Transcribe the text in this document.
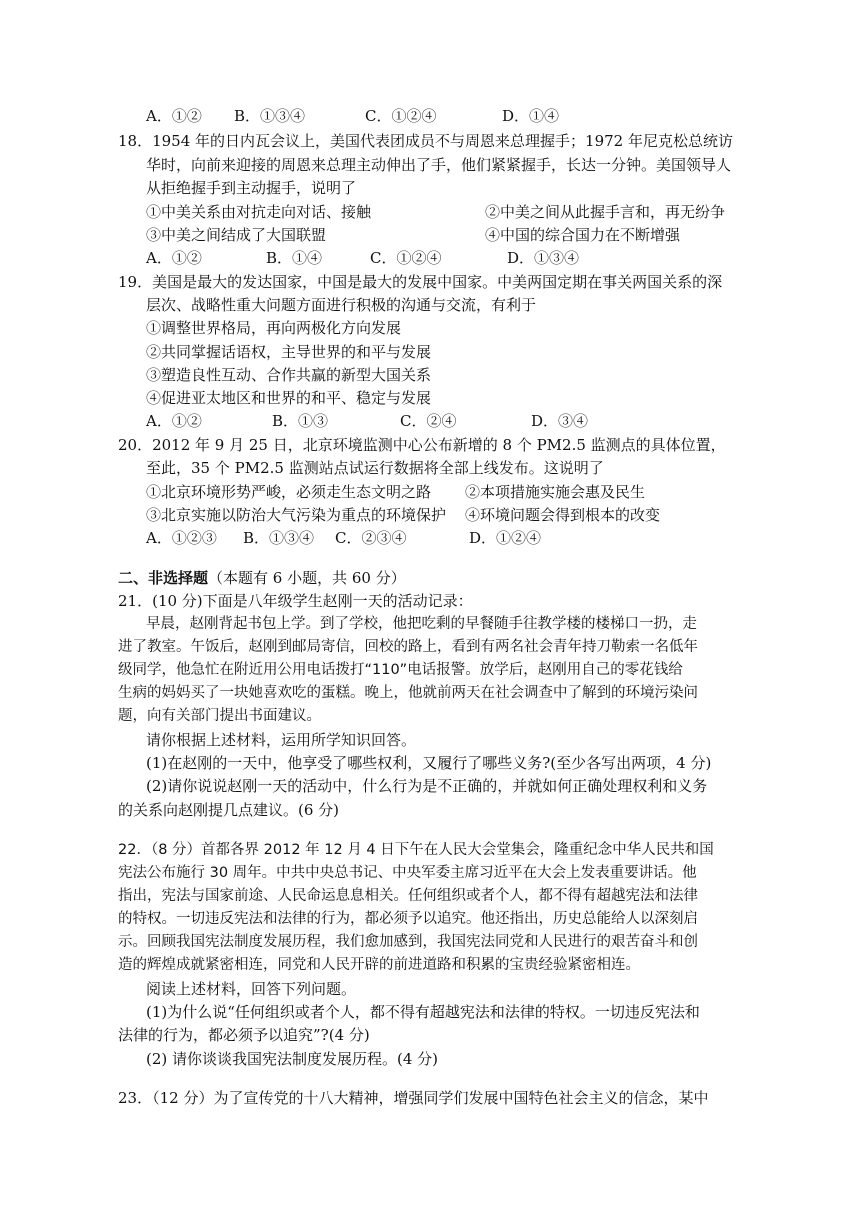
A．①② B．①③④	C．①②④	D．①④
18．1954 年的日内瓦会议上，美国代表团成员不与周恩来总理握手；1972 年尼克松总统访
华时，向前来迎接的周恩来总理主动伸出了手，他们紧紧握手，长达一分钟。美国领导人
从拒绝握手到主动握手，说明了
①中美关系由对抗走向对话、接触	②中美之间从此握手言和，再无纷争
③中美之间结成了大国联盟	④中国的综合国力在不断增强
A．①②	B．①④	C．①②④	D．①③④
19．美国是最大的发达国家，中国是最大的发展中国家。中美两国定期在事关两国关系的深
层次、战略性重大问题方面进行积极的沟通与交流，有利于
①调整世界格局，再向两极化方向发展
②共同掌握话语权，主导世界的和平与发展
③塑造良性互动、合作共赢的新型大国关系
④促进亚太地区和世界的和平、稳定与发展
A．①②	B．①③	C．②④	D．③④
20．2012 年 9 月 25 日，北京环境监测中心公布新增的 8 个 PM2.5 监测点的具体位置，
至此，35 个 PM2.5 监测站点试运行数据将全部上线发布。这说明了
①北京环境形势严峻，必须走生态文明之路 ②本项措施实施会惠及民生
③北京实施以防治大气污染为重点的环境保护 ④环境问题会得到根本的改变
A．①②③ B．①③④ C．②③④	D．①②④
二、非选择题（本题有 6 小题，共 60 分）
21．(10 分)下面是八年级学生赵刚一天的活动记录：
早晨，赵刚背起书包上学。到了学校，他把吃剩的早餐随手往教学楼的楼梯口一扔，走
进了教室。午饭后，赵刚到邮局寄信，回校的路上，看到有两名社会青年持刀勒索一名低年
级同学，他急忙在附近用公用电话拨打“110”电话报警。放学后，赵刚用自己的零花钱给
生病的妈妈买了一块她喜欢吃的蛋糕。晚上，他就前两天在社会调查中了解到的环境污染问
题，向有关部门提出书面建议。
请你根据上述材料，运用所学知识回答。
(1)在赵刚的一天中，他享受了哪些权利，又履行了哪些义务?(至少各写出两项，4 分)
(2)请你说说赵刚一天的活动中，什么行为是不正确的，并就如何正确处理权利和义务
的关系向赵刚提几点建议。(6 分)
22．（8 分）首都各界 2012 年 12 月 4 日下午在人民大会堂集会，隆重纪念中华人民共和国
宪法公布施行 30 周年。中共中央总书记、中央军委主席习近平在大会上发表重要讲话。他
指出，宪法与国家前途、人民命运息息相关。任何组织或者个人，都不得有超越宪法和法律
的特权。一切违反宪法和法律的行为，都必须予以追究。他还指出，历史总能给人以深刻启
示。回顾我国宪法制度发展历程，我们愈加感到，我国宪法同党和人民进行的艰苦奋斗和创
造的辉煌成就紧密相连，同党和人民开辟的前进道路和积累的宝贵经验紧密相连。
阅读上述材料，回答下列问题。
(1)为什么说“任何组织或者个人，都不得有超越宪法和法律的特权。一切违反宪法和
法律的行为，都必须予以追究”?(4 分)
(2) 请你谈谈我国宪法制度发展历程。(4 分)
23．（12 分）为了宣传党的十八大精神，增强同学们发展中国特色社会主义的信念，某中
